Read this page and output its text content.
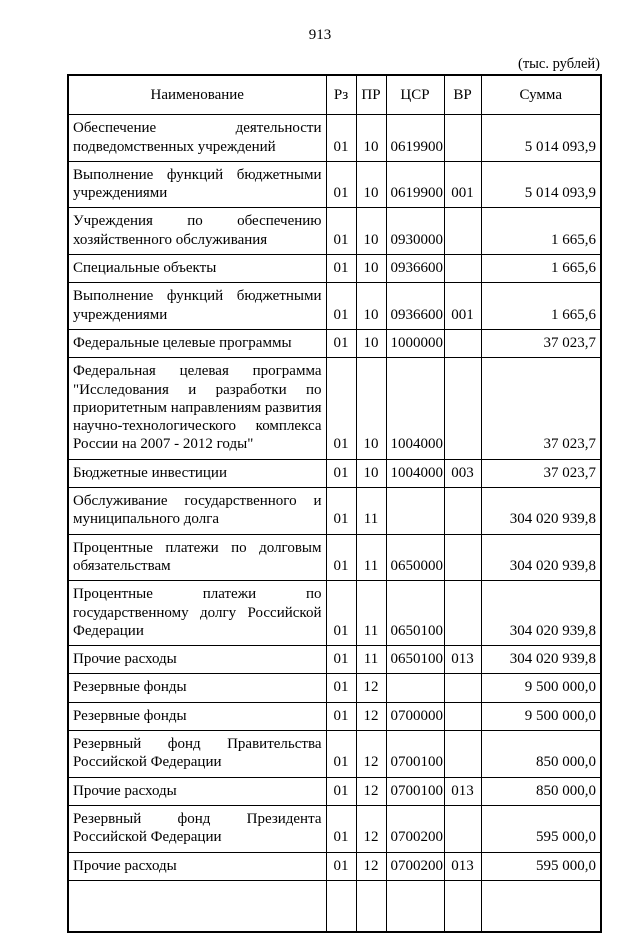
913
(тыс. рублей)
Наименование	Рз	ПР	ЦСР	ВР	Сумма
Обеспечение деятельности подведомственных учреждений	01	10	0619900		5 014 093,9
Выполнение функций бюджетными учреждениями	01	10	0619900	001	5 014 093,9
Учреждения по обеспечению хозяйственного обслуживания	01	10	0930000		1 665,6
Специальные объекты	01	10	0936600		1 665,6
Выполнение функций бюджетными учреждениями	01	10	0936600	001	1 665,6
Федеральные целевые программы	01	10	1000000		37 023,7
Федеральная целевая программа "Исследования и разработки по приоритетным направлениям развития научно-технологического комплекса России на 2007 - 2012 годы"	01	10	1004000		37 023,7
Бюджетные инвестиции	01	10	1004000	003	37 023,7
Обслуживание государственного и муниципального долга	01	11			304 020 939,8
Процентные платежи по долговым обязательствам	01	11	0650000		304 020 939,8
Процентные платежи по государственному долгу Российской Федерации	01	11	0650100		304 020 939,8
Прочие расходы	01	11	0650100	013	304 020 939,8
Резервные фонды	01	12			9 500 000,0
Резервные фонды	01	12	0700000		9 500 000,0
Резервный фонд Правительства Российской Федерации	01	12	0700100		850 000,0
Прочие расходы	01	12	0700100	013	850 000,0
Резервный фонд Президента Российской Федерации	01	12	0700200		595 000,0
Прочие расходы	01	12	0700200	013	595 000,0
